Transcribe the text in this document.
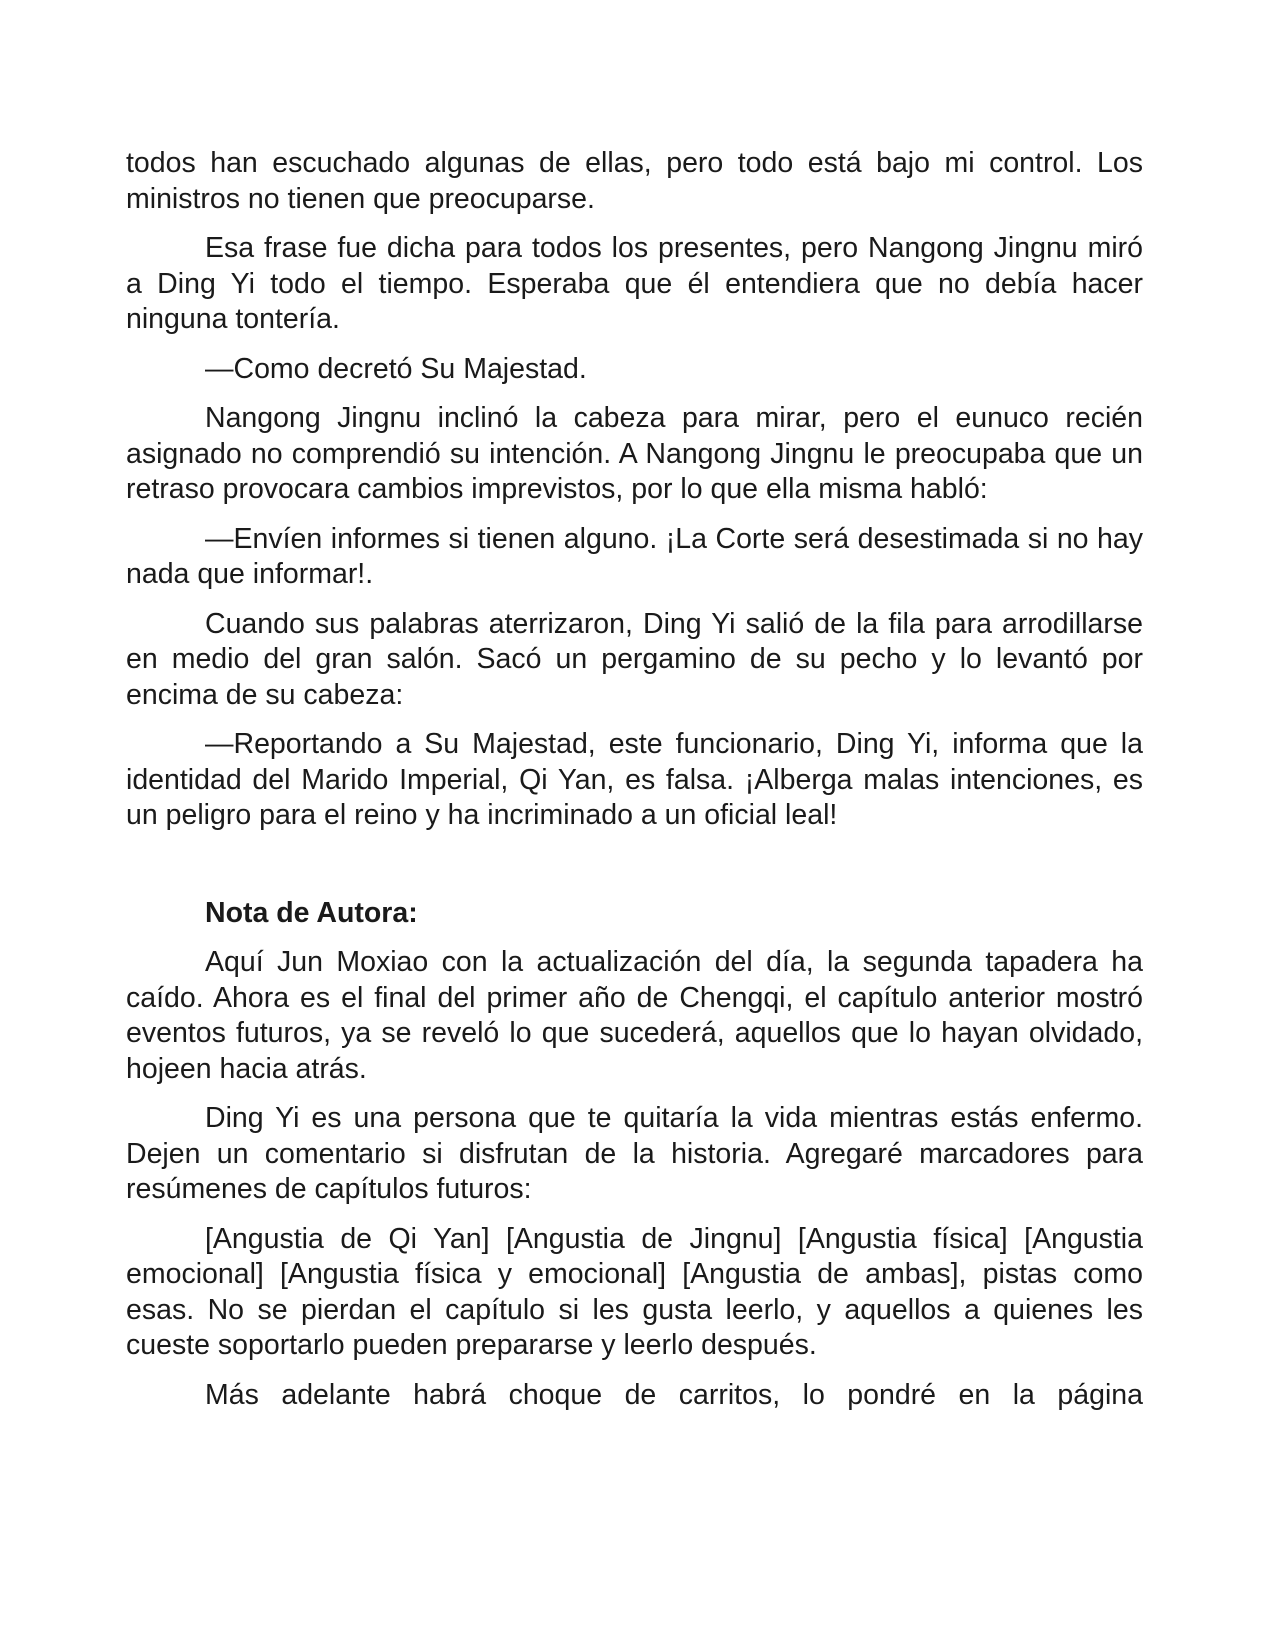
todos han escuchado algunas de ellas, pero todo está bajo mi control. Los ministros no tienen que preocuparse.

Esa frase fue dicha para todos los presentes, pero Nangong Jingnu miró a Ding Yi todo el tiempo. Esperaba que él entendiera que no debía hacer ninguna tontería.

—Como decretó Su Majestad.

Nangong Jingnu inclinó la cabeza para mirar, pero el eunuco recién asignado no comprendió su intención. A Nangong Jingnu le preocupaba que un retraso provocara cambios imprevistos, por lo que ella misma habló:

—Envíen informes si tienen alguno. ¡La Corte será desestimada si no hay nada que informar!.

Cuando sus palabras aterrizaron, Ding Yi salió de la fila para arrodillarse en medio del gran salón. Sacó un pergamino de su pecho y lo levantó por encima de su cabeza:

—Reportando a Su Majestad, este funcionario, Ding Yi, informa que la identidad del Marido Imperial, Qi Yan, es falsa. ¡Alberga malas intenciones, es un peligro para el reino y ha incriminado a un oficial leal!

Nota de Autora:

Aquí Jun Moxiao con la actualización del día, la segunda tapadera ha caído. Ahora es el final del primer año de Chengqi, el capítulo anterior mostró eventos futuros, ya se reveló lo que sucederá, aquellos que lo hayan olvidado, hojeen hacia atrás.

Ding Yi es una persona que te quitaría la vida mientras estás enfermo. Dejen un comentario si disfrutan de la historia. Agregaré marcadores para resúmenes de capítulos futuros:

[Angustia de Qi Yan] [Angustia de Jingnu] [Angustia física] [Angustia emocional] [Angustia física y emocional] [Angustia de ambas], pistas como esas. No se pierdan el capítulo si les gusta leerlo, y aquellos a quienes les cueste soportarlo pueden prepararse y leerlo después.

Más adelante habrá choque de carritos, lo pondré en la página
